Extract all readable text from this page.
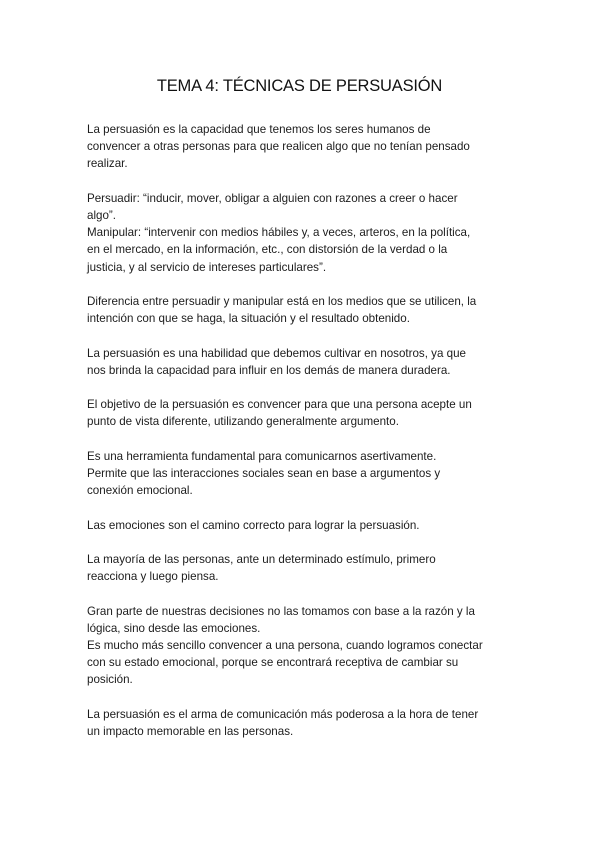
TEMA 4: TÉCNICAS DE PERSUASIÓN
La persuasión es la capacidad que tenemos los seres humanos de
convencer a otras personas para que realicen algo que no tenían pensado
realizar.
Persuadir: “inducir, mover, obligar a alguien con razones a creer o hacer
algo”.
Manipular: “intervenir con medios hábiles y, a veces, arteros, en la política,
en el mercado, en la información, etc., con distorsión de la verdad o la
justicia, y al servicio de intereses particulares”.
Diferencia entre persuadir y manipular está en los medios que se utilicen, la
intención con que se haga, la situación y el resultado obtenido.
La persuasión es una habilidad que debemos cultivar en nosotros, ya que
nos brinda la capacidad para influir en los demás de manera duradera.
El objetivo de la persuasión es convencer para que una persona acepte un
punto de vista diferente, utilizando generalmente argumento.
Es una herramienta fundamental para comunicarnos asertivamente.
Permite que las interacciones sociales sean en base a argumentos y
conexión emocional.
Las emociones son el camino correcto para lograr la persuasión.
La mayoría de las personas, ante un determinado estímulo, primero
reacciona y luego piensa.
Gran parte de nuestras decisiones no las tomamos con base a la razón y la
lógica, sino desde las emociones.
Es mucho más sencillo convencer a una persona, cuando logramos conectar
con su estado emocional, porque se encontrará receptiva de cambiar su
posición.
La persuasión es el arma de comunicación más poderosa a la hora de tener
un impacto memorable en las personas.
